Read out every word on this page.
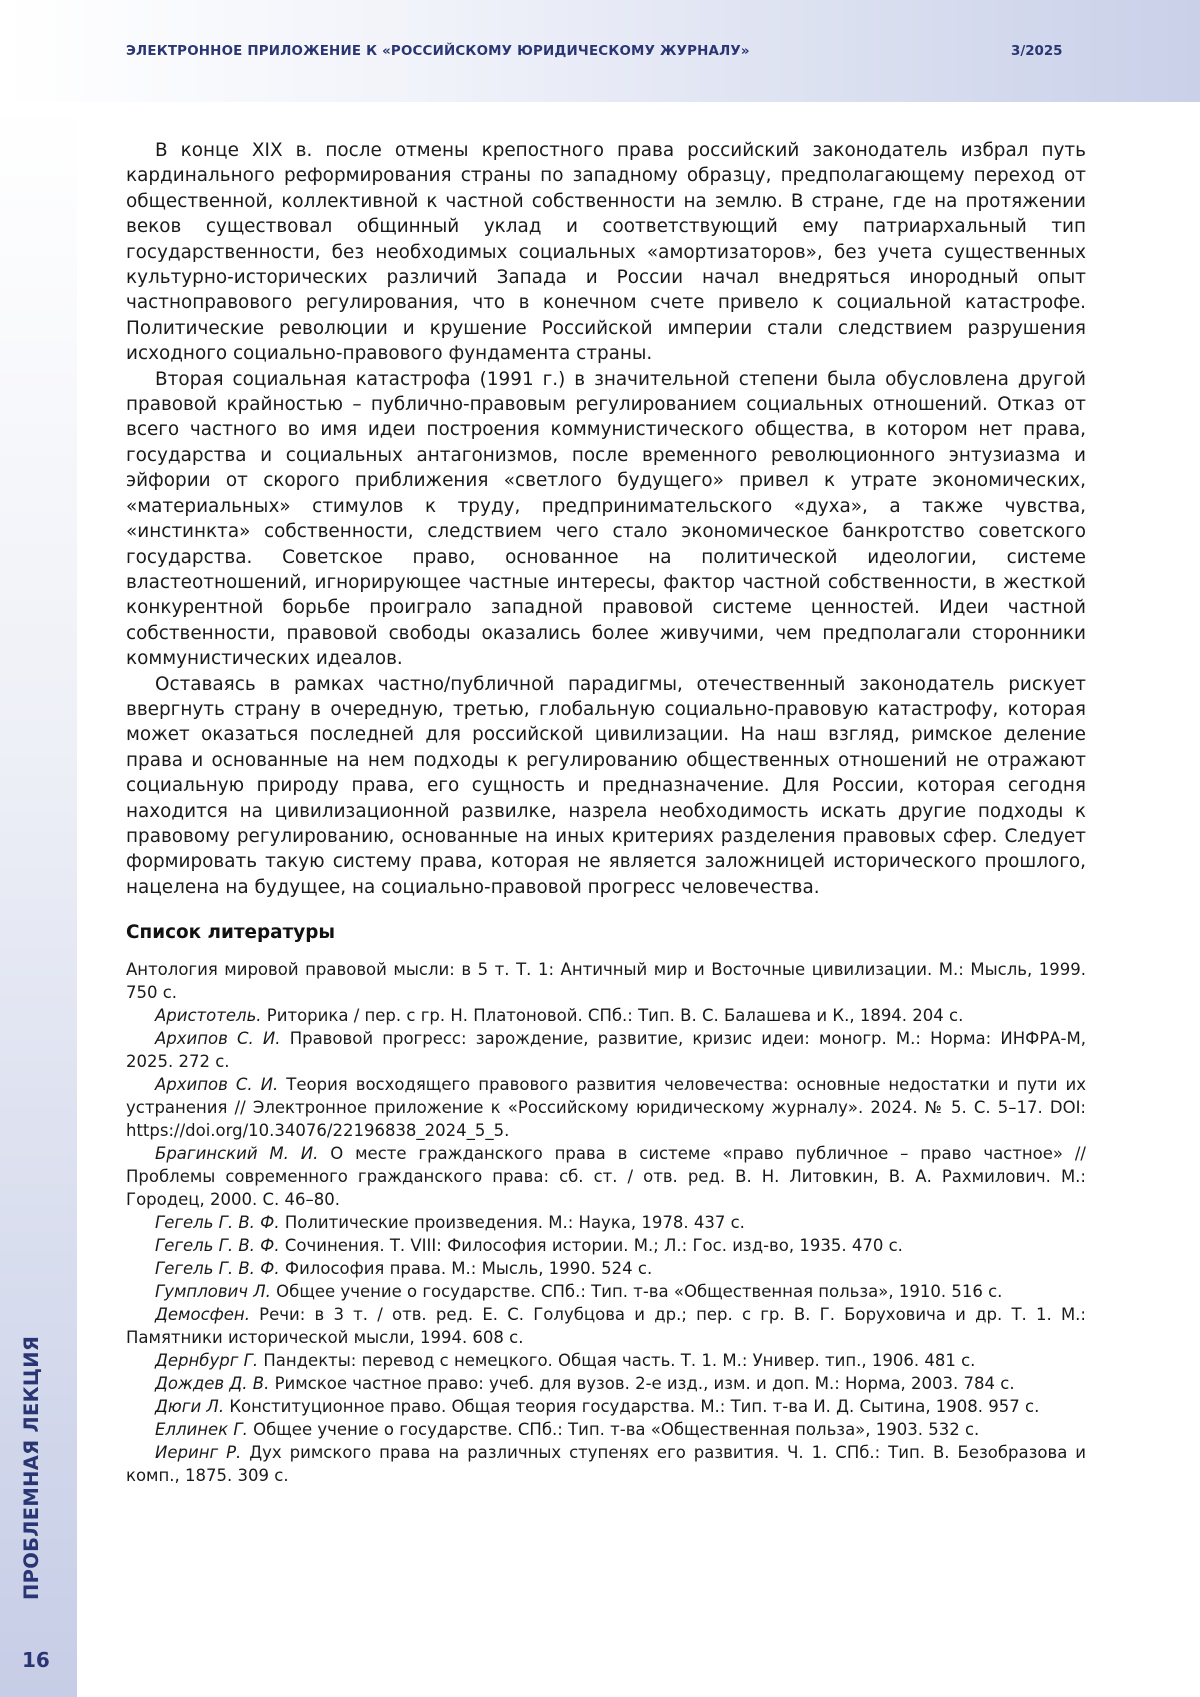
ЭЛЕКТРОННОЕ ПРИЛОЖЕНИЕ К «РОССИЙСКОМУ ЮРИДИЧЕСКОМУ ЖУРНАЛУ»	3/2025
ПРОБЛЕМНАЯ ЛЕКЦИЯ
16

В конце XIX в. после отмены крепостного права российский законодатель избрал путь кардинального реформирования страны по западному образцу, предполагающему переход от общественной, коллективной к частной собственности на землю. В стране, где на протяжении веков существовал общинный уклад и соответствующий ему патриархальный тип государственности, без необходимых социальных «амортизаторов», без учета существенных культурно-исторических различий Запада и России начал внедряться инородный опыт частноправового регулирования, что в конечном счете привело к социальной катастрофе. Политические революции и крушение Российской империи стали следствием разрушения исходного социально-правового фундамента страны.

Вторая социальная катастрофа (1991 г.) в значительной степени была обусловлена другой правовой крайностью – публично-правовым регулированием социальных отношений. Отказ от всего частного во имя идеи построения коммунистического общества, в котором нет права, государства и социальных антагонизмов, после временного революционного энтузиазма и эйфории от скорого приближения «светлого будущего» привел к утрате экономических, «материальных» стимулов к труду, предпринимательского «духа», а также чувства, «инстинкта» собственности, следствием чего стало экономическое банкротство советского государства. Советское право, основанное на политической идеологии, системе властеотношений, игнорирующее частные интересы, фактор частной собственности, в жесткой конкурентной борьбе проиграло западной правовой системе ценностей. Идеи частной собственности, правовой свободы оказались более живучими, чем предполагали сторонники коммунистических идеалов.

Оставаясь в рамках частно/публичной парадигмы, отечественный законодатель рискует ввергнуть страну в очередную, третью, глобальную социально-правовую катастрофу, которая может оказаться последней для российской цивилизации. На наш взгляд, римское деление права и основанные на нем подходы к регулированию общественных отношений не отражают социальную природу права, его сущность и предназначение. Для России, которая сегодня находится на цивилизационной развилке, назрела необходимость искать другие подходы к правовому регулированию, основанные на иных критериях разделения правовых сфер. Следует формировать такую систему права, которая не является заложницей исторического прошлого, нацелена на будущее, на социально-правовой прогресс человечества.

Список литературы
Антология мировой правовой мысли: в 5 т. Т. 1: Античный мир и Восточные цивилизации. М.: Мысль, 1999. 750 с.
Аристотель. Риторика / пер. с гр. Н. Платоновой. СПб.: Тип. В. С. Балашева и К., 1894. 204 с.
Архипов С. И. Правовой прогресс: зарождение, развитие, кризис идеи: моногр. М.: Норма: ИНФРА-М, 2025. 272 с.
Архипов С. И. Теория восходящего правового развития человечества: основные недостатки и пути их устранения // Электронное приложение к «Российскому юридическому журналу». 2024. № 5. С. 5–17. DOI: https://doi.org/10.34076/22196838_2024_5_5.
Брагинский М. И. О месте гражданского права в системе «право публичное – право частное» // Проблемы современного гражданского права: сб. ст. / отв. ред. В. Н. Литовкин, В. А. Рахмилович. М.: Городец, 2000. С. 46–80.
Гегель Г. В. Ф. Политические произведения. М.: Наука, 1978. 437 с.
Гегель Г. В. Ф. Сочинения. Т. VIII: Философия истории. М.; Л.: Гос. изд-во, 1935. 470 с.
Гегель Г. В. Ф. Философия права. М.: Мысль, 1990. 524 с.
Гумплович Л. Общее учение о государстве. СПб.: Тип. т-ва «Общественная польза», 1910. 516 с.
Демосфен. Речи: в 3 т. / отв. ред. Е. С. Голубцова и др.; пер. с гр. В. Г. Боруховича и др. Т. 1. М.: Памятники исторической мысли, 1994. 608 с.
Дернбург Г. Пандекты: перевод с немецкого. Общая часть. Т. 1. М.: Универ. тип., 1906. 481 с.
Дождев Д. В. Римское частное право: учеб. для вузов. 2-е изд., изм. и доп. М.: Норма, 2003. 784 с.
Дюги Л. Конституционное право. Общая теория государства. М.: Тип. т-ва И. Д. Сытина, 1908. 957 с.
Еллинек Г. Общее учение о государстве. СПб.: Тип. т-ва «Общественная польза», 1903. 532 с.
Иеринг Р. Дух римского права на различных ступенях его развития. Ч. 1. СПб.: Тип. В. Безобразова и комп., 1875. 309 с.
